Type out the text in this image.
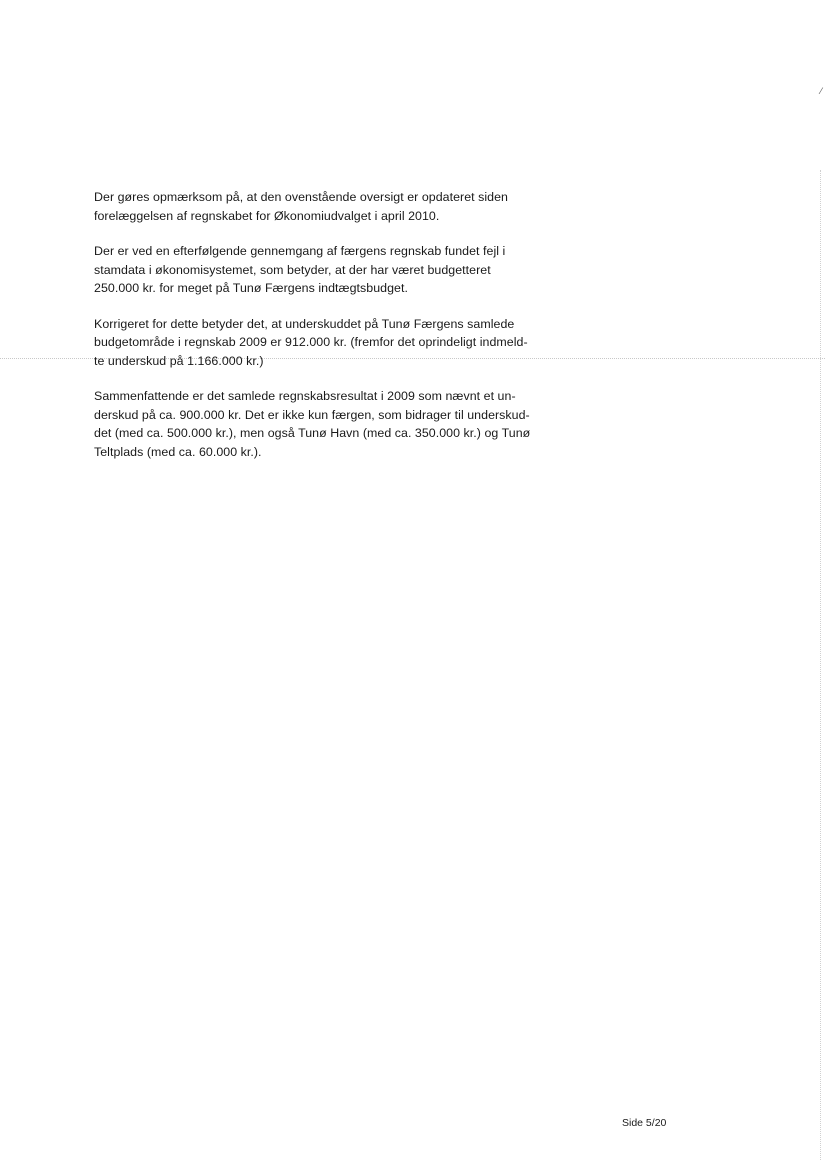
⁄

Der gøres opmærksom på, at den ovenstående oversigt er opdateret siden
forelæggelsen af regnskabet for Økonomiudvalget i april 2010.

Der er ved en efterfølgende gennemgang af færgens regnskab fundet fejl i
stamdata i økonomisystemet, som betyder, at der har været budgetteret
250.000 kr. for meget på Tunø Færgens indtægtsbudget.

Korrigeret for dette betyder det, at underskuddet på Tunø Færgens samlede
budgetområde i regnskab 2009 er 912.000 kr. (fremfor det oprindeligt indmeld-
te underskud på 1.166.000 kr.)

Sammenfattende er det samlede regnskabsresultat i 2009 som nævnt et un-
derskud på ca. 900.000 kr. Det er ikke kun færgen, som bidrager til underskud-
det (med ca. 500.000 kr.), men også Tunø Havn (med ca. 350.000 kr.) og Tunø
Teltplads (med ca. 60.000 kr.).

Side 5/20
